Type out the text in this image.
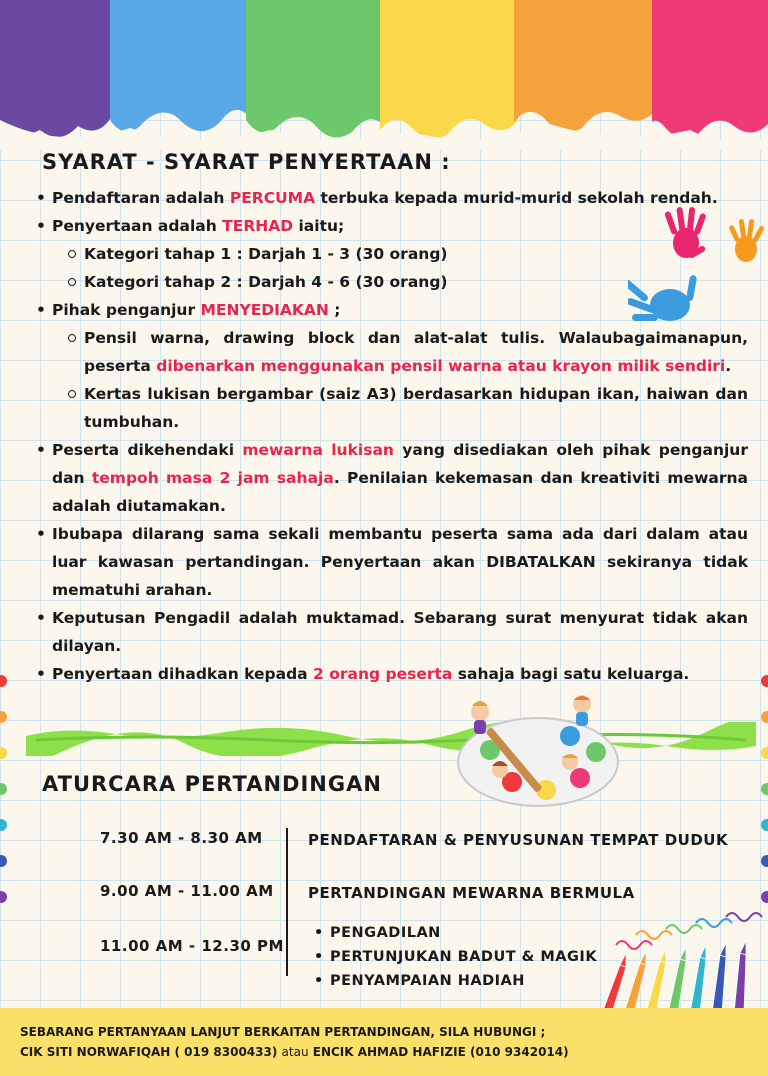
SYARAT - SYARAT PENYERTAAN :
• Pendaftaran adalah PERCUMA terbuka kepada murid-murid sekolah rendah.
• Penyertaan adalah TERHAD iaitu;
Kategori tahap 1 : Darjah 1 - 3 (30 orang)
Kategori tahap 2 : Darjah 4 - 6 (30 orang)
• Pihak penganjur MENYEDIAKAN ;
Pensil warna, drawing block dan alat-alat tulis. Walaubagaimanapun, peserta dibenarkan menggunakan pensil warna atau krayon milik sendiri.
Kertas lukisan bergambar (saiz A3) berdasarkan hidupan ikan, haiwan dan tumbuhan.
• Peserta dikehendaki mewarna lukisan yang disediakan oleh pihak penganjur dan tempoh masa 2 jam sahaja. Penilaian kekemasan dan kreativiti mewarna adalah diutamakan.
• Ibubapa dilarang sama sekali membantu peserta sama ada dari dalam atau luar kawasan pertandingan. Penyertaan akan DIBATALKAN sekiranya tidak mematuhi arahan.
• Keputusan Pengadil adalah muktamad. Sebarang surat menyurat tidak akan dilayan.
• Penyertaan dihadkan kepada 2 orang peserta sahaja bagi satu keluarga.
ATURCARA PERTANDINGAN
7.30 AM - 8.30 AM	PENDAFTARAN & PENYUSUNAN TEMPAT DUDUK
9.00 AM - 11.00 AM PERTANDINGAN MEWARNA BERMULA
11.00 AM - 12.30 PM
• PENGADILAN
• PERTUNJUKAN BADUT & MAGIK
• PENYAMPAIAN HADIAH
SEBARANG PERTANYAAN LANJUT BERKAITAN PERTANDINGAN, SILA HUBUNGI ;
CIK SITI NORWAFIQAH ( 019 8300433) atau ENCIK AHMAD HAFIZIE (010 9342014)
